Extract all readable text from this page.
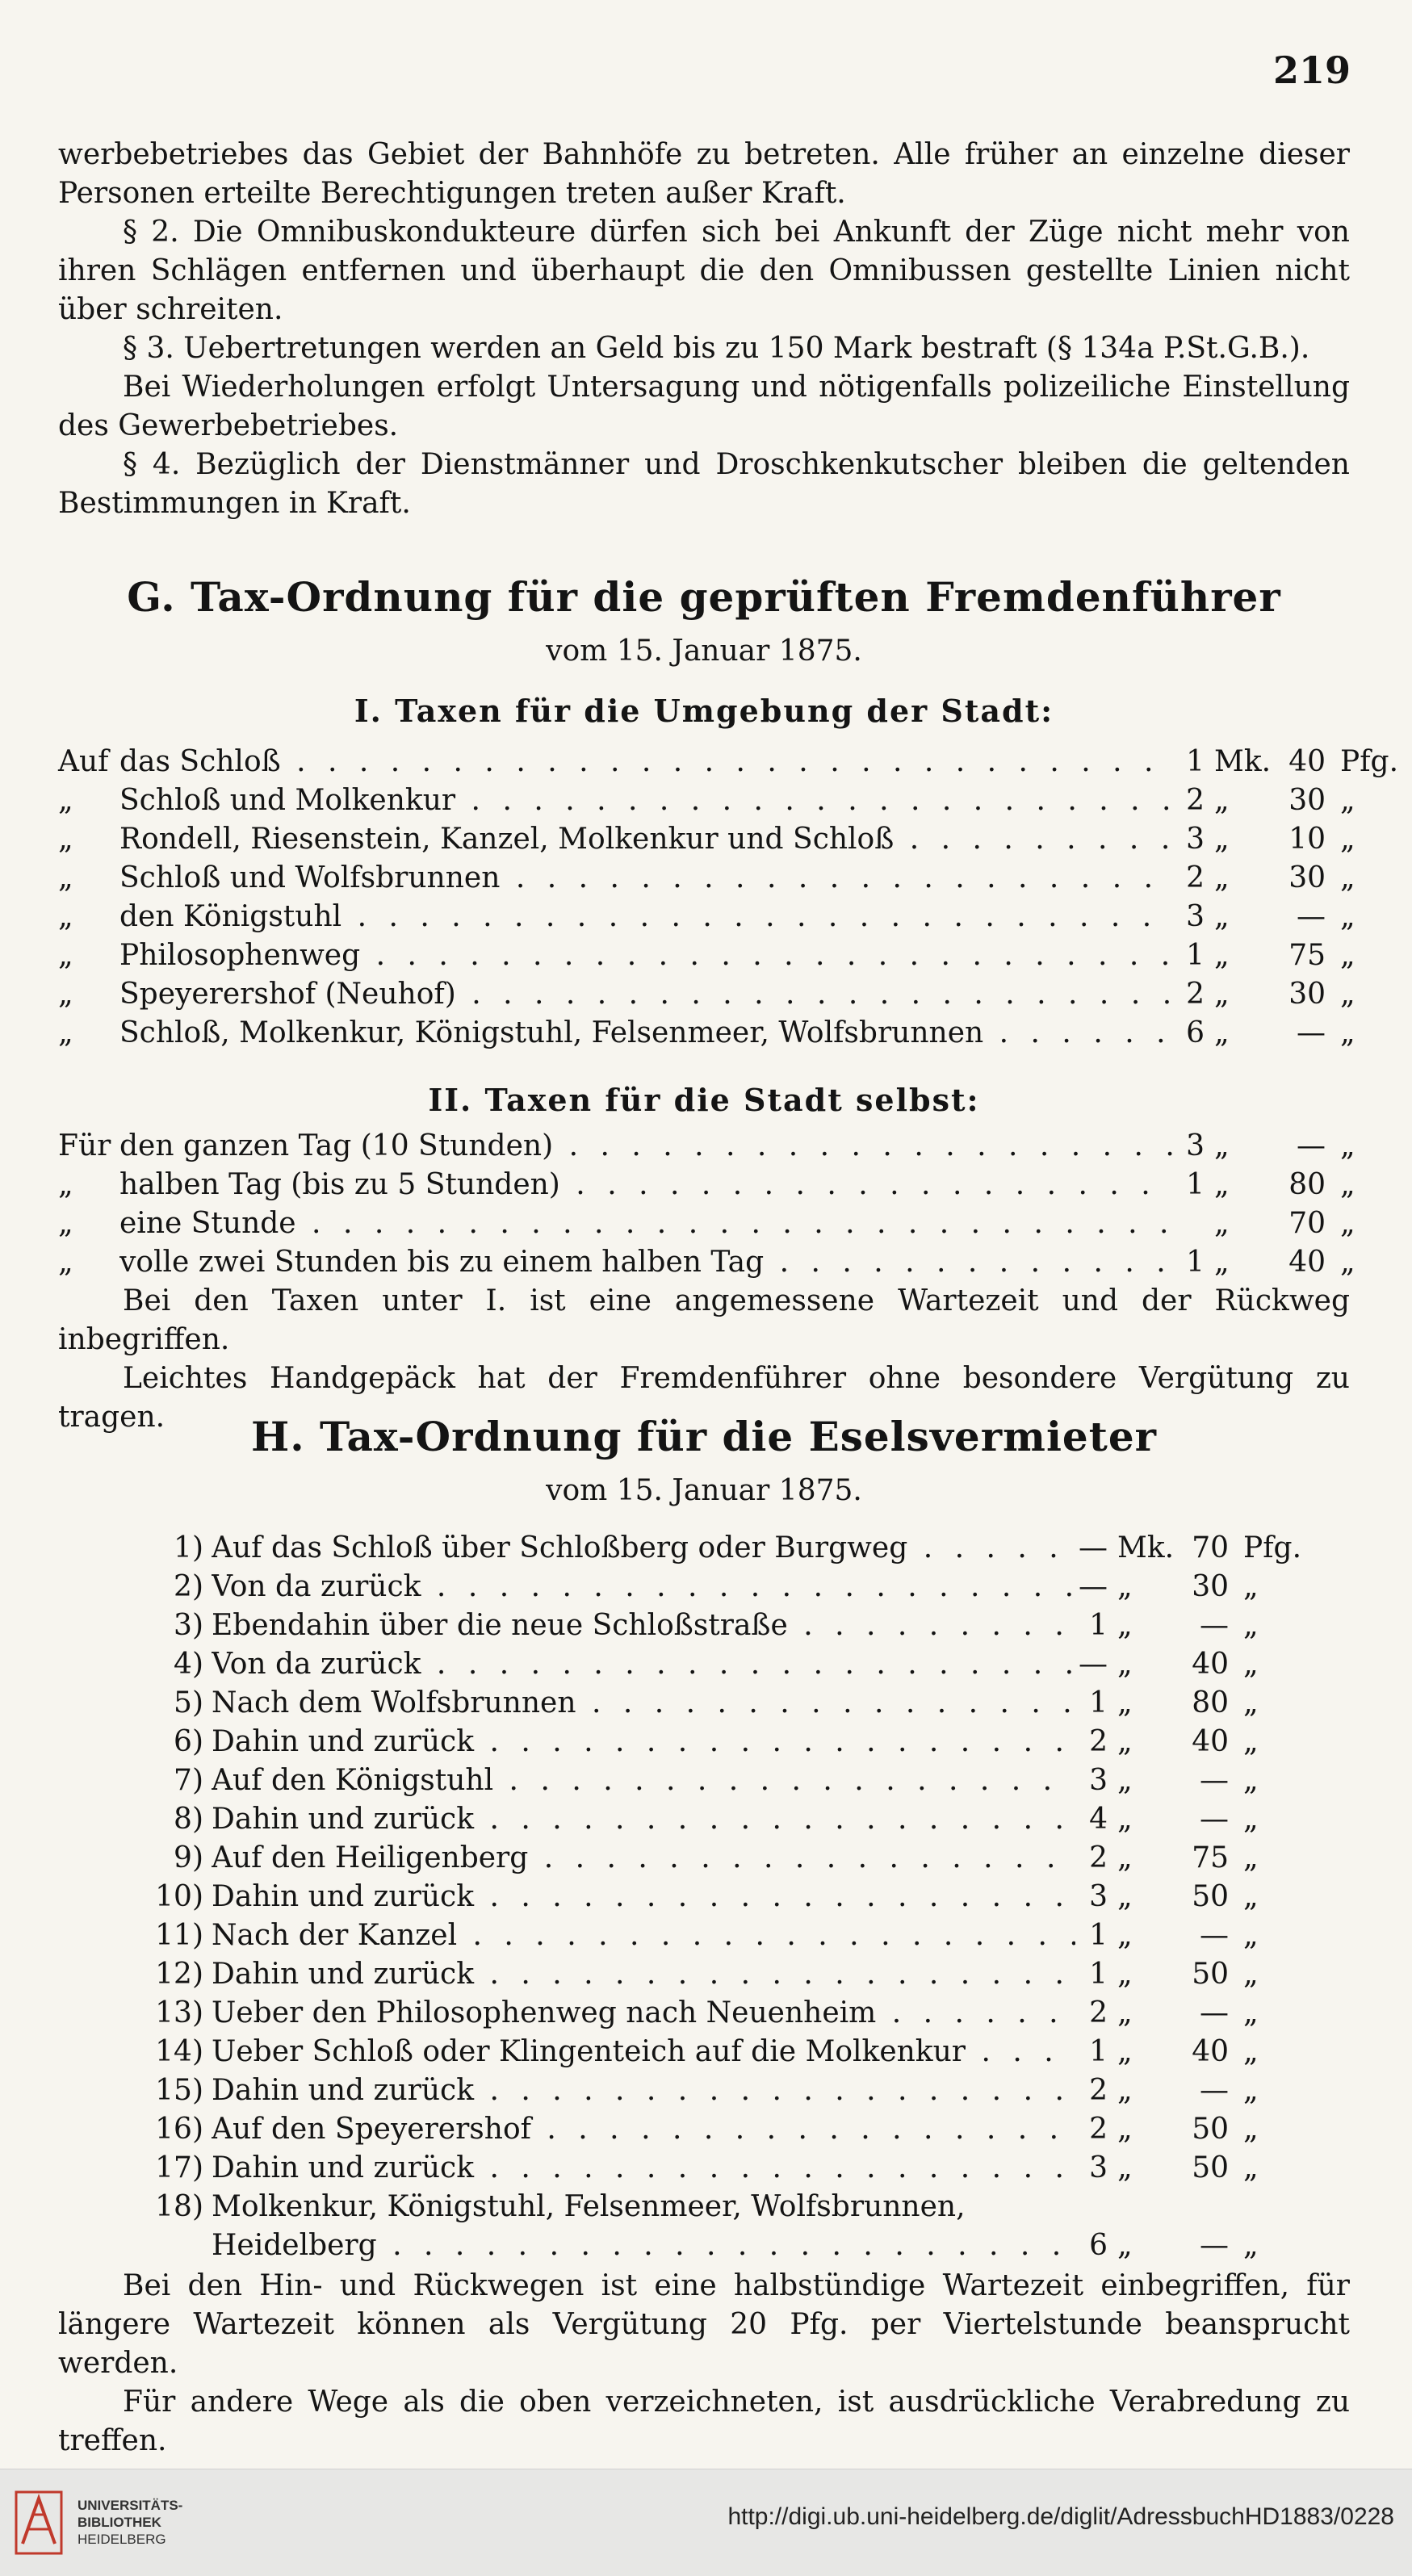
219

werbebetriebes das Gebiet der Bahnhöfe zu betreten. Alle früher an einzelne dieser Personen erteilte Berechtigungen treten außer Kraft.

§ 2. Die Omnibuskondukteure dürfen sich bei Ankunft der Züge nicht mehr von ihren Schlägen entfernen und überhaupt die den Omnibussen gestellte Linien nicht über schreiten.

§ 3. Uebertretungen werden an Geld bis zu 150 Mark bestraft (§ 134a P.St.G.B.).

Bei Wiederholungen erfolgt Untersagung und nötigenfalls polizeiliche Einstellung des Gewerbebetriebes.

§ 4. Bezüglich der Dienstmänner und Droschkenkutscher bleiben die geltenden Bestimmungen in Kraft.

G. Tax-Ordnung für die geprüften Fremdenführer
vom 15. Januar 1875.
I. Taxen für die Umgebung der Stadt:
Auf das Schloß . . .	1 Mk. 40 Pfg.
„	Schloß und Molkenkur . . .	2 „	30 „
„	Rondell, Riesenstein, Kanzel, Molkenkur und Schloß . . .	3 „	10 „
„	Schloß und Wolfsbrunnen . . .	2 „	30 „
„	den Königstuhl . . .	3 „	— „
„	Philosophenweg . . .	1 „	75 „
„	Speyerershof (Neuhof) . . .	2 „	30 „
„	Schloß, Molkenkur, Königstuhl, Felsenmeer, Wolfsbrunnen . . .	6 „	— „
II. Taxen für die Stadt selbst:
Für den ganzen Tag (10 Stunden) . . .	3 „	— „
„	halben Tag (bis zu 5 Stunden) . . .	1 „	80 „
„	eine Stunde . . .	„	70 „
„	volle zwei Stunden bis zu einem halben Tag . . .	1 „	40 „

Bei den Taxen unter I. ist eine angemessene Wartezeit und der Rückweg inbegriffen.

Leichtes Handgepäck hat der Fremdenführer ohne besondere Vergütung zu tragen.	H. Tax-Ordnung für die Eselsvermieter
vom 15. Januar 1875.
1) Auf das Schloß über Schloßberg oder Burgweg . . .	— Mk. 70 Pfg.
2) Von da zurück . . .	— „	30 „
3) Ebendahin über die neue Schloßstraße . . .	1 „	— „
4) Von da zurück . . .	— „	40 „
5) Nach dem Wolfsbrunnen . . .	1 „	80 „
6) Dahin und zurück . . .	2 „	40 „
7) Auf den Königstuhl . . .	3 „	— „
8) Dahin und zurück . . .	4 „	— „
9) Auf den Heiligenberg . . .	2 „	75 „
10) Dahin und zurück . . .	3 „	50 „
11) Nach der Kanzel . . .	1 „	— „
12) Dahin und zurück . . .	1 „	50 „
13) Ueber den Philosophenweg nach Neuenheim . . .	2 „	— „
14) Ueber Schloß oder Klingenteich auf die Molkenkur . . .	1 „	40 „
15) Dahin und zurück . . .	2 „	— „
16) Auf den Speyerershof . . .	2 „	50 „
17) Dahin und zurück . . .	3 „	50 „
18) Molkenkur, Königstuhl, Felsenmeer, Wolfsbrunnen,
Heidelberg . . .	6 „	— „

Bei den Hin- und Rückwegen ist eine halbstündige Wartezeit einbegriffen, für längere Wartezeit können als Vergütung 20 Pfg. per Viertelstunde beansprucht werden.

Für andere Wege als die oben verzeichneten, ist ausdrückliche Verabredung zu treffen.

UNIVERSITÄTS-
BIBLIOTHEK
HEIDELBERG
http://digi.ub.uni-heidelberg.de/diglit/AdressbuchHD1883/0228
